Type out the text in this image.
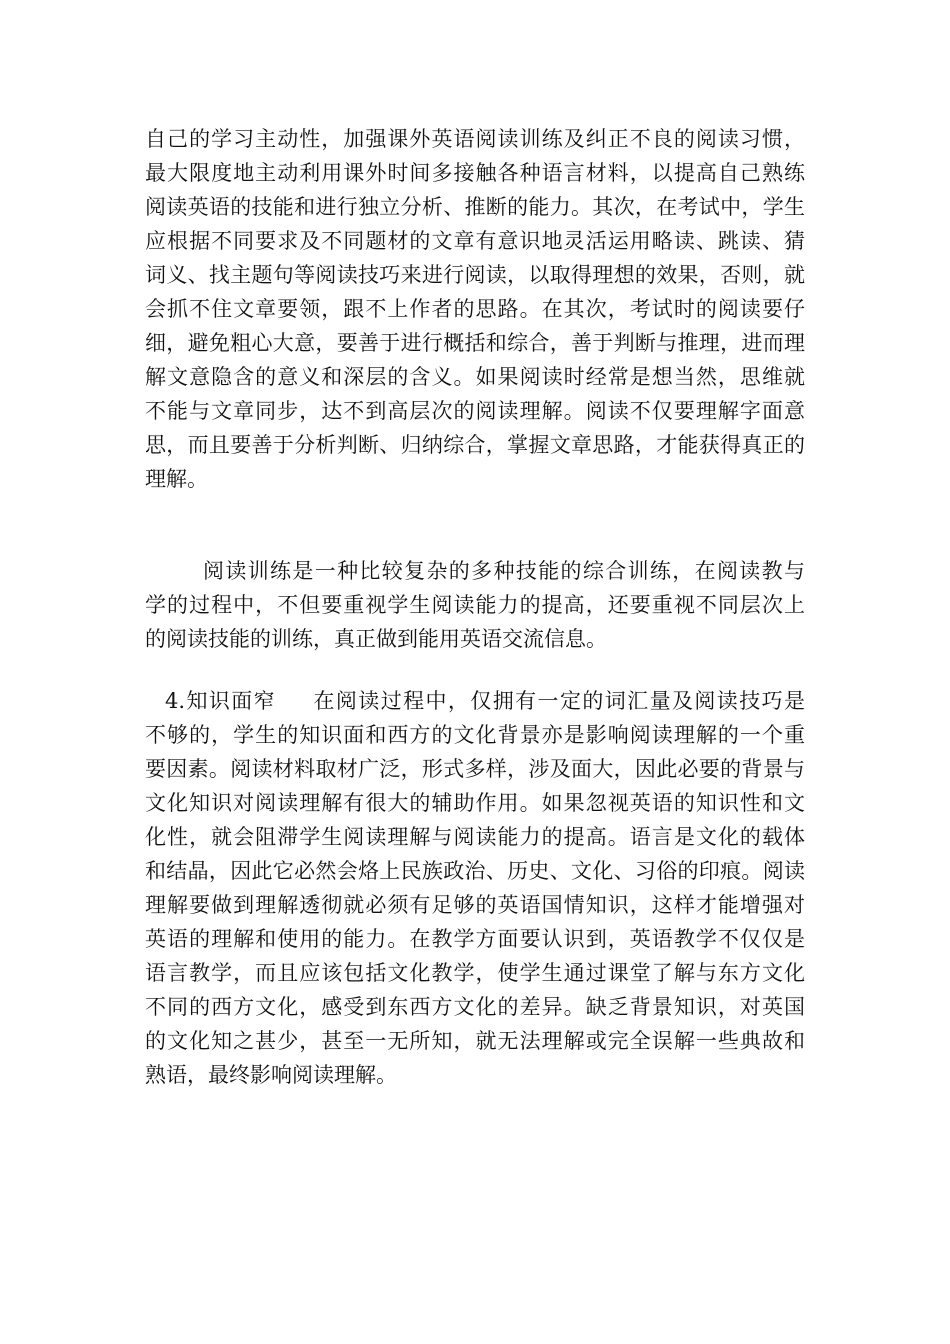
自己的学习主动性，加强课外英语阅读训练及纠正不良的阅读习惯，
最大限度地主动利用课外时间多接触各种语言材料，以提高自己熟练
阅读英语的技能和进行独立分析、推断的能力。其次，在考试中，学生
应根据不同要求及不同题材的文章有意识地灵活运用略读、跳读、猜
词义、找主题句等阅读技巧来进行阅读，以取得理想的效果，否则，就
会抓不住文章要领，跟不上作者的思路。在其次，考试时的阅读要仔
细，避免粗心大意，要善于进行概括和综合，善于判断与推理，进而理
解文意隐含的意义和深层的含义。如果阅读时经常是想当然，思维就
不能与文章同步，达不到高层次的阅读理解。阅读不仅要理解字面意
思，而且要善于分析判断、归纳综合，掌握文章思路，才能获得真正的
理解。
阅读训练是一种比较复杂的多种技能的综合训练，在阅读教与
学的过程中，不但要重视学生阅读能力的提高，还要重视不同层次上
的阅读技能的训练，真正做到能用英语交流信息。
4.知识面窄 在阅读过程中，仅拥有一定的词汇量及阅读技巧是
不够的，学生的知识面和西方的文化背景亦是影响阅读理解的一个重
要因素。阅读材料取材广泛，形式多样，涉及面大，因此必要的背景与
文化知识对阅读理解有很大的辅助作用。如果忽视英语的知识性和文
化性，就会阻滞学生阅读理解与阅读能力的提高。语言是文化的载体
和结晶，因此它必然会烙上民族政治、历史、文化、习俗的印痕。阅读
理解要做到理解透彻就必须有足够的英语国情知识，这样才能增强对
英语的理解和使用的能力。在教学方面要认识到，英语教学不仅仅是
语言教学，而且应该包括文化教学，使学生通过课堂了解与东方文化
不同的西方文化，感受到东西方文化的差异。缺乏背景知识，对英国
的文化知之甚少，甚至一无所知，就无法理解或完全误解一些典故和
熟语，最终影响阅读理解。
